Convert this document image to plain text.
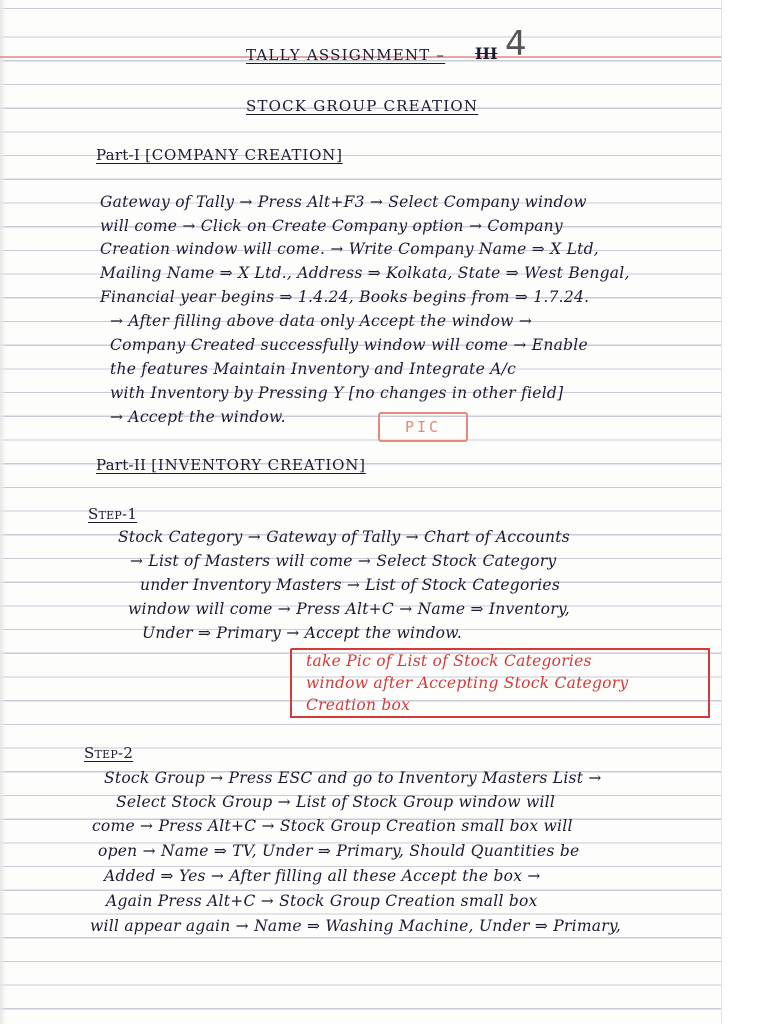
TALLY ASSIGNMENT – III 4
STOCK GROUP CREATION
Part-I [COMPANY CREATION]
Gateway of Tally → Press Alt+F3 → Select Company window
will come → Click on Create Company option → Company
Creation window will come. → Write Company Name ⇒ X Ltd,
Mailing Name ⇒ X Ltd., Address ⇒ Kolkata, State ⇒ West Bengal,
Financial year begins ⇒ 1.4.24, Books begins from ⇒ 1.7.24.
→ After filling above data only Accept the window →
Company Created successfully window will come → Enable
the features Maintain Inventory and Integrate A/c
with Inventory by Pressing Y [no changes in other field]
→ Accept the window.
PIC
Part-II [INVENTORY CREATION]
Step-1
Stock Category → Gateway of Tally → Chart of Accounts
→ List of Masters will come → Select Stock Category
under Inventory Masters → List of Stock Categories
window will come → Press Alt+C → Name ⇒ Inventory,
Under ⇒ Primary → Accept the window.
take Pic of List of Stock Categories
window after Accepting Stock Category
Creation box
Step-2
Stock Group → Press ESC and go to Inventory Masters List →
Select Stock Group → List of Stock Group window will
come → Press Alt+C → Stock Group Creation small box will
open → Name ⇒ TV, Under ⇒ Primary, Should Quantities be
Added ⇒ Yes → After filling all these Accept the box →
Again Press Alt+C → Stock Group Creation small box
will appear again → Name ⇒ Washing Machine, Under ⇒ Primary,
